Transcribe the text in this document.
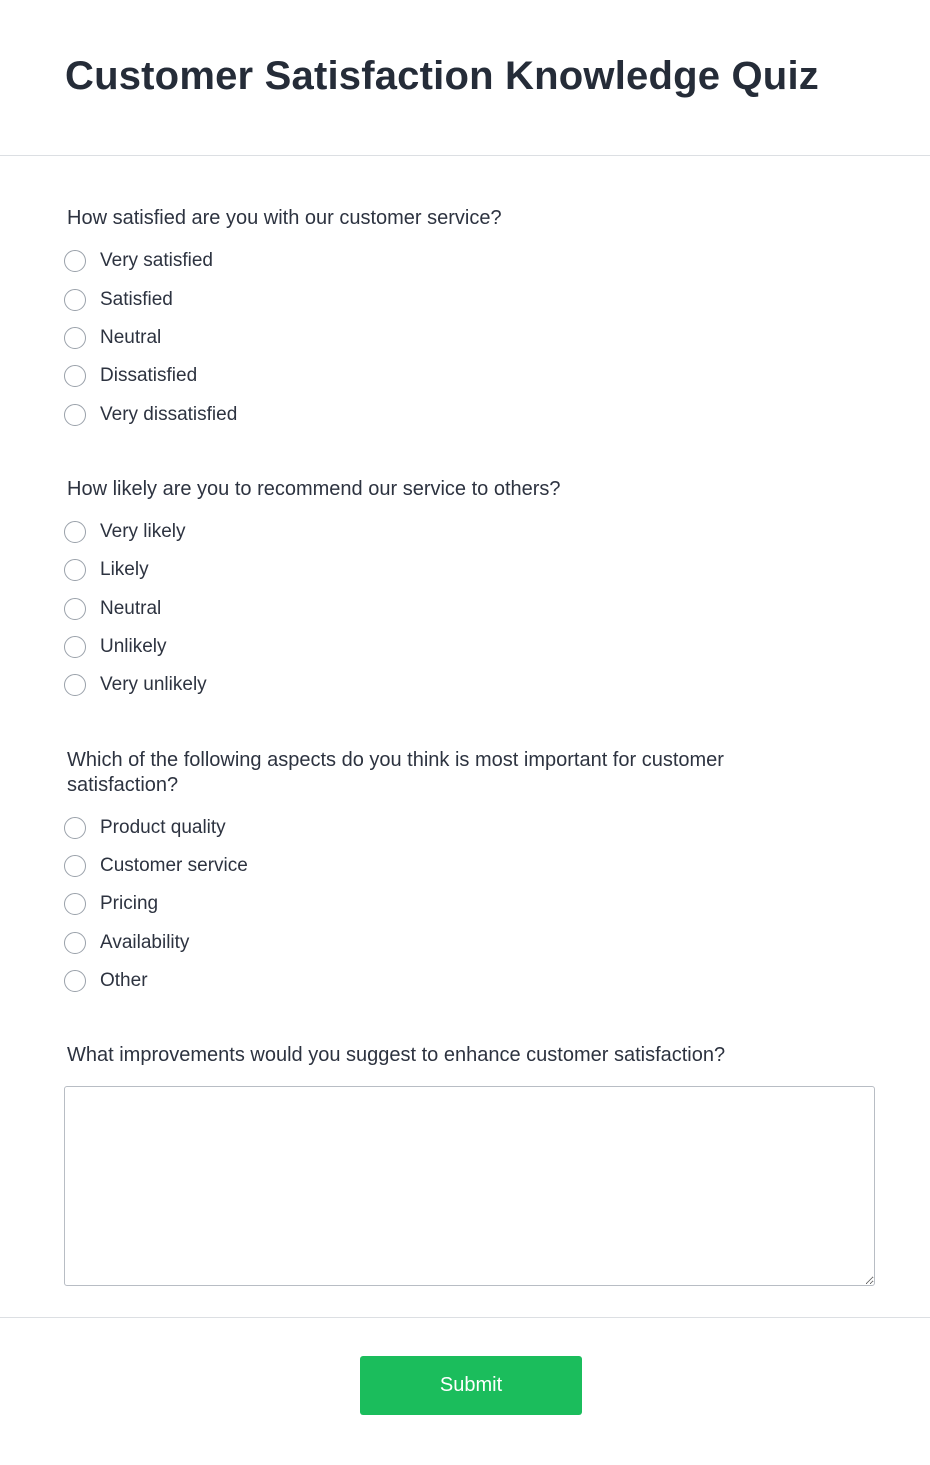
Customer Satisfaction Knowledge Quiz

How satisfied are you with our customer service?

Very satisfied
Satisfied
Neutral
Dissatisfied
Very dissatisfied

How likely are you to recommend our service to others?

Very likely
Likely
Neutral
Unlikely
Very unlikely

Which of the following aspects do you think is most important for customer satisfaction?

Product quality
Customer service
Pricing
Availability
Other

What improvements would you suggest to enhance customer satisfaction?

Submit
